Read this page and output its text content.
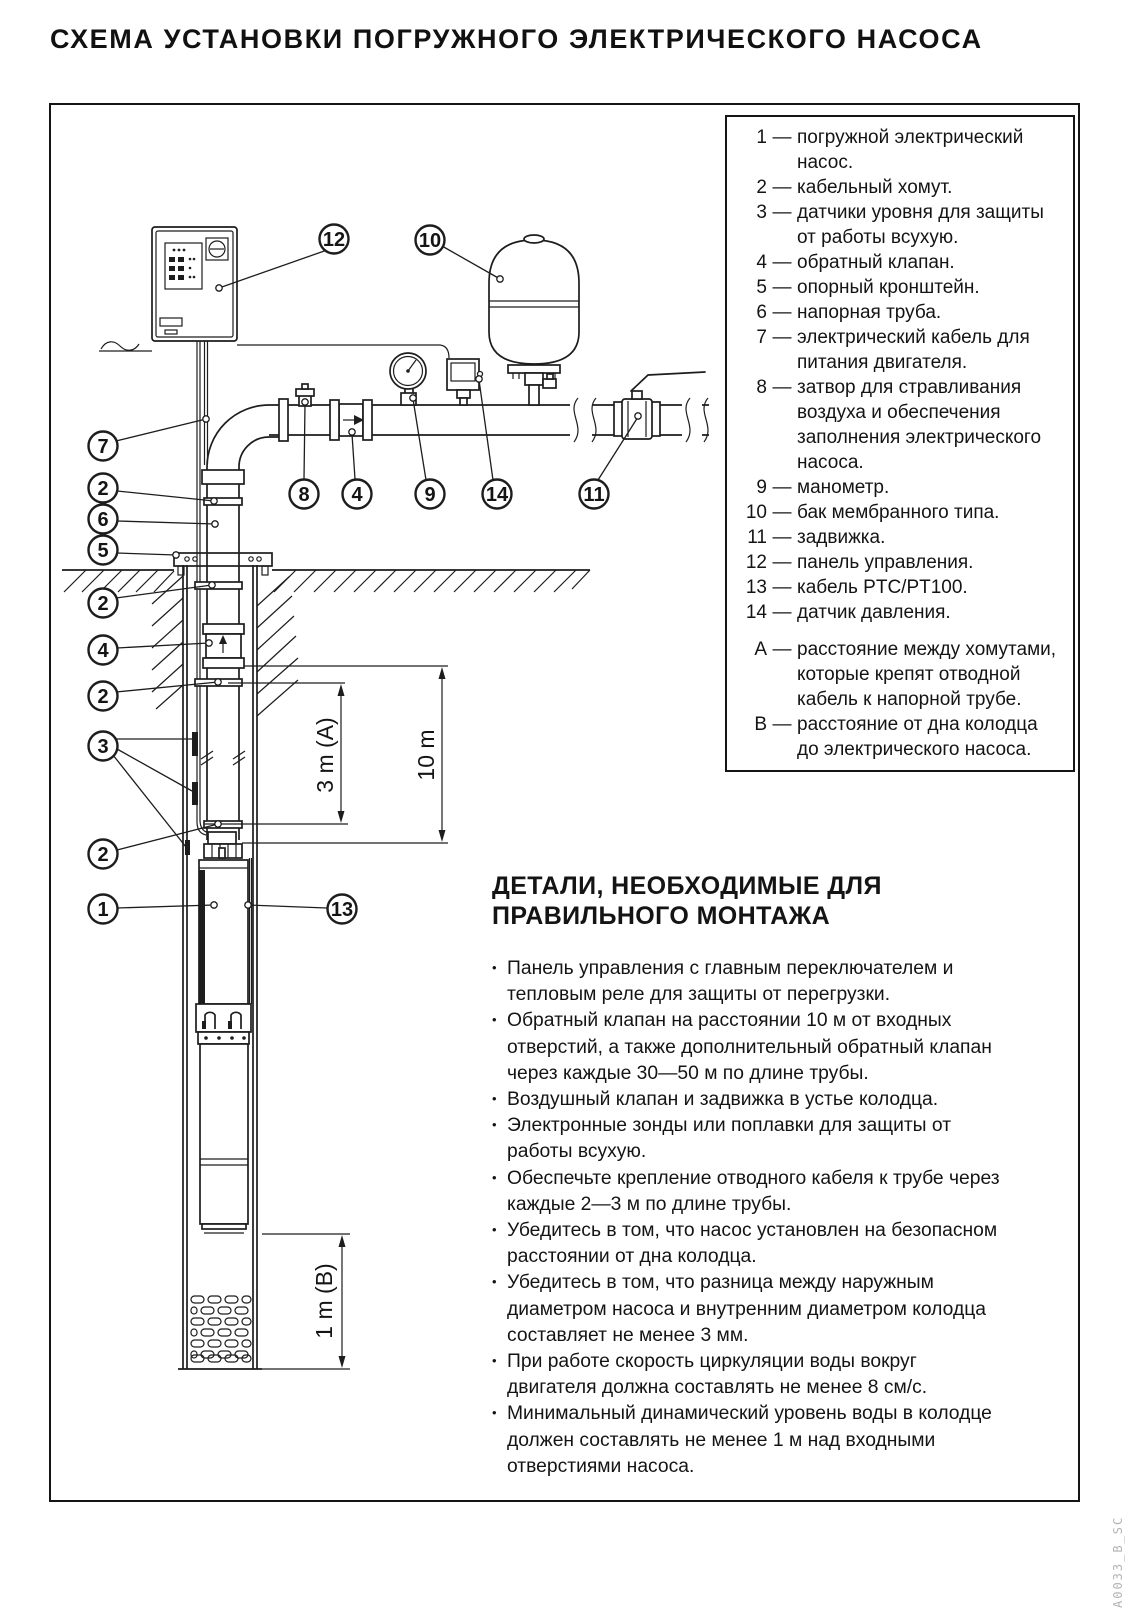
СХЕМА УСТАНОВКИ ПОГРУЖНОГО ЭЛЕКТРИЧЕСКОГО НАСОСА
3 m (A)	10 m
1 m (B)
12	10
7
2
6
5
2
4
2
3
2
1	13
8 4	9	14	11
1 — погружной электрический
насос.
2 — кабельный хомут.
3 — датчики уровня для защиты
от работы всухую.
4 — обратный клапан.
5 — опорный кронштейн.
6 — напорная труба.
7 — электрический кабель для
питания двигателя.
8 — затвор для стравливания
воздуха и обеспечения
заполнения электрического
насоса.
9 — манометр.
10 — бак мембранного типа.
11 — задвижка.
12 — панель управления.
13 — кабель PTC/PT100.
14 — датчик давления.
A — расстояние между хомутами,
которые крепят отводной
кабель к напорной трубе.
B — расстояние от дна колодца
до электрического насоса.
ДЕТАЛИ, НЕОБХОДИМЫЕ ДЛЯ
ПРАВИЛЬНОГО МОНТАЖА
• Панель управления с главным переключателем и
тепловым реле для защиты от перегрузки.
• Обратный клапан на расстоянии 10 м от входных
отверстий, а также дополнительный обратный клапан
через каждые 30—50 м по длине трубы.
• Воздушный клапан и задвижка в устье колодца.
• Электронные зонды или поплавки для защиты от
работы всухую.
• Обеспечьте крепление отводного кабеля к трубе через
каждые 2—3 м по длине трубы.
• Убедитесь в том, что насос установлен на безопасном
расстоянии от дна колодца.
• Убедитесь в том, что разница между наружным
диаметром насоса и внутренним диаметром колодца
составляет не менее 3 мм.
• При работе скорость циркуляции воды вокруг
двигателя должна составлять не менее 8 см/с.
• Минимальный динамический уровень воды в колодце
должен составлять не менее 1 м над входными
отверстиями насоса.
A0033_B_SC
